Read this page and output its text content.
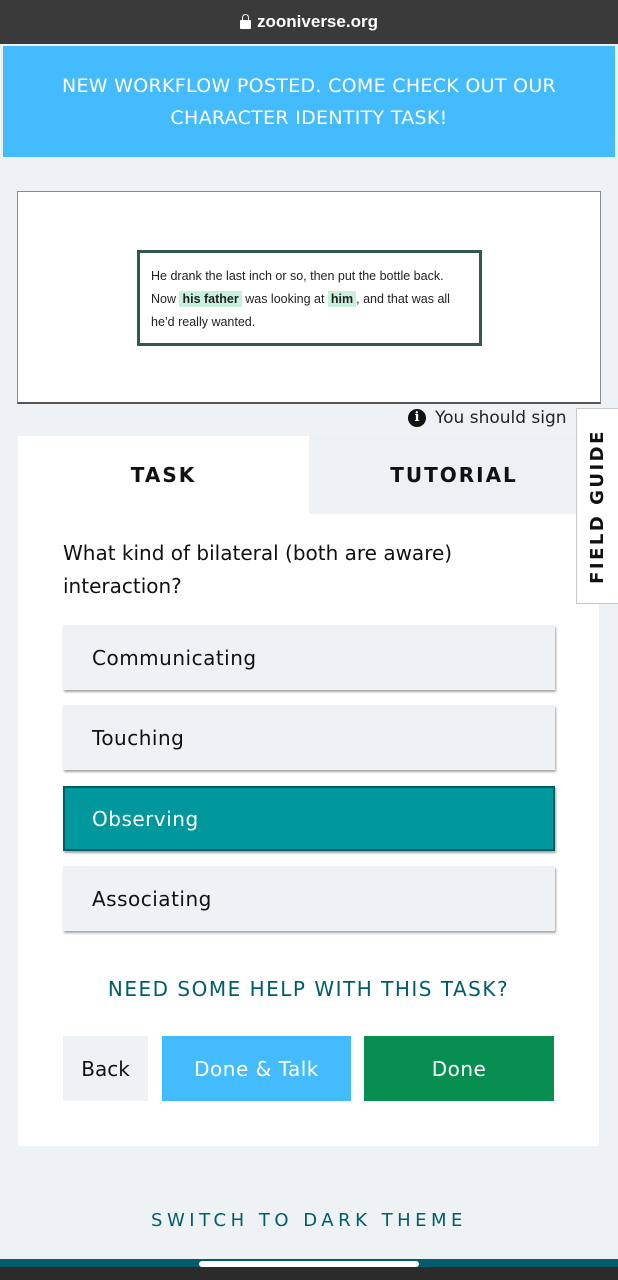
zooniverse.org
NEW WORKFLOW POSTED. COME CHECK OUT OUR CHARACTER IDENTITY TASK!
He drank the last inch or so, then put the bottle back. Now his father was looking at him , and that was all he’d really wanted.
i You should sign
TASK	TUTORIAL
What kind of bilateral (both are aware) interaction?
Communicating
Touching
Observing
Associating
NEED SOME HELP WITH THIS TASK?
Back	Done & Talk	Done
FIELD GUIDE
SWITCH TO DARK THEME
